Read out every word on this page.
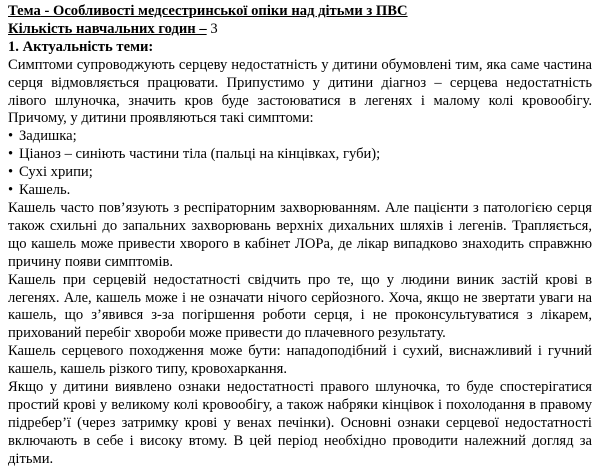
Тема - Особливості медсестринської опіки над дітьми з ПВС
Кількість навчальних годин – 3
1. Актуальність теми:
Симптоми супроводжують серцеву недостатність у дитини обумовлені тим, яка саме частина серця відмовляється працювати. Припустимо у дитини діагноз – серцева недостатність лівого шлуночка, значить кров буде застоюватися в легенях і малому колі кровообігу. Причому, у дитини проявляються такі симптоми:
• Задишка;
• Ціаноз – синіють частини тіла (пальці на кінцівках, губи);
• Сухі хрипи;
• Кашель.
Кашель часто пов’язують з респіраторним захворюванням. Але пацієнти з патологією серця також схильні до запальних захворювань верхніх дихальних шляхів і легенів. Трапляється, що кашель може привести хворого в кабінет ЛОРа, де лікар випадково знаходить справжню причину появи симптомів.
Кашель при серцевій недостатності свідчить про те, що у людини виник застій крові в легенях. Але, кашель може і не означати нічого серйозного. Хоча, якщо не звертати уваги на кашель, що з’явився з-за погіршення роботи серця, і не проконсультуватися з лікарем, прихований перебіг хвороби може привести до плачевного результату.
Кашель серцевого походження може бути: нападоподібний і сухий, виснажливий і гучний кашель, кашель різкого типу, кровохаркання.
Якщо у дитини виявлено ознаки недостатності правого шлуночка, то буде спостерігатися простий крові у великому колі кровообігу, а також набряки кінцівок і похолодання в правому підребер’ї (через затримку крові у венах печінки). Основні ознаки серцевої недостатності включають в себе і високу втому. В цей період необхідно проводити належний догляд за дітьми.
